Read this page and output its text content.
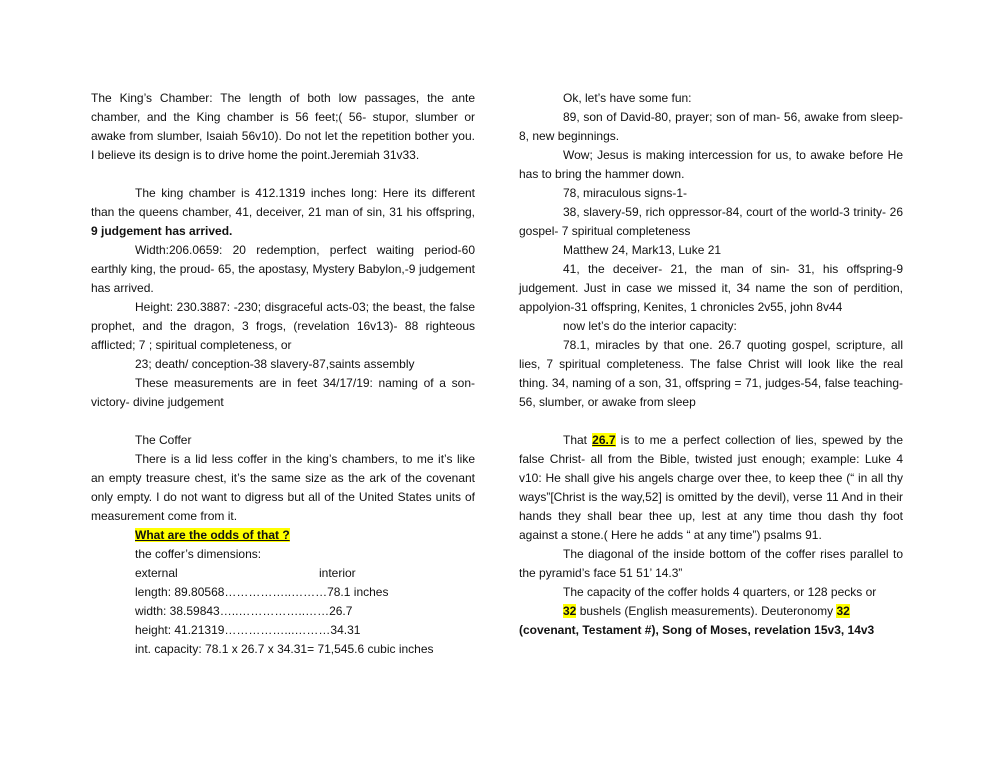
The King’s Chamber: The length of both low passages, the ante chamber, and the King chamber is 56 feet;( 56- stupor, slumber or awake from slumber, Isaiah 56v10). Do not let the repetition bother you. I believe its design is to drive home the point.Jeremiah 31v33.

The king chamber is 412.1319 inches long: Here its different than the queens chamber, 41, deceiver, 21 man of sin, 31 his offspring, 9 judgement has arrived.

Width:206.0659: 20 redemption, perfect waiting period-60 earthly king, the proud- 65, the apostasy, Mystery Babylon,-9 judgement has arrived.

Height: 230.3887: -230; disgraceful acts-03; the beast, the false prophet, and the dragon, 3 frogs, (revelation 16v13)- 88 righteous afflicted; 7 ; spiritual completeness, or

23; death/ conception-38 slavery-87,saints assembly

These measurements are in feet 34/17/19: naming of a son- victory- divine judgement

The Coffer

There is a lid less coffer in the king’s chambers, to me it’s like an empty treasure chest, it’s the same size as the ark of the covenant only empty. I do not want to digress but all of the United States units of measurement come from it.

What are the odds of that ?
the coffer’s dimensions:
external	interior
length: 89.80568……………..………78.1 inches
width: 38.59843…..……………..……26.7
height: 41.21319……………...………34.31
int. capacity: 78.1 x 26.7 x 34.31= 71,545.6 cubic inches

Ok, let’s have some fun:

89, son of David-80, prayer; son of man- 56, awake from sleep- 8, new beginnings.

Wow; Jesus is making intercession for us, to awake before He has to bring the hammer down.

78, miraculous signs-1-

38, slavery-59, rich oppressor-84, court of the world-3 trinity- 26 gospel- 7 spiritual completeness

Matthew 24, Mark13, Luke 21

41, the deceiver- 21, the man of sin- 31, his offspring-9 judgement. Just in case we missed it, 34 name the son of perdition, appolyion-31 offspring, Kenites, 1 chronicles 2v55, john 8v44

now let’s do the interior capacity:

78.1, miracles by that one. 26.7 quoting gospel, scripture, all lies, 7 spiritual completeness. The false Christ will look like the real thing. 34, naming of a son, 31, offspring = 71, judges-54, false teaching- 56, slumber, or awake from sleep

That 26.7 is to me a perfect collection of lies, spewed by the false Christ- all from the Bible, twisted just enough; example: Luke 4 v10: He shall give his angels charge over thee, to keep thee (“ in all thy ways”[Christ is the way,52] is omitted by the devil), verse 11 And in their hands they shall bear thee up, lest at any time thou dash thy foot against a stone.( Here he adds “ at any time”) psalms 91.

The diagonal of the inside bottom of the coffer rises parallel to the pyramid’s face 51 51’ 14.3”

The capacity of the coffer holds 4 quarters, or 128 pecks or

32 bushels (English measurements). Deuteronomy 32

(covenant, Testament #), Song of Moses, revelation 15v3, 14v3
